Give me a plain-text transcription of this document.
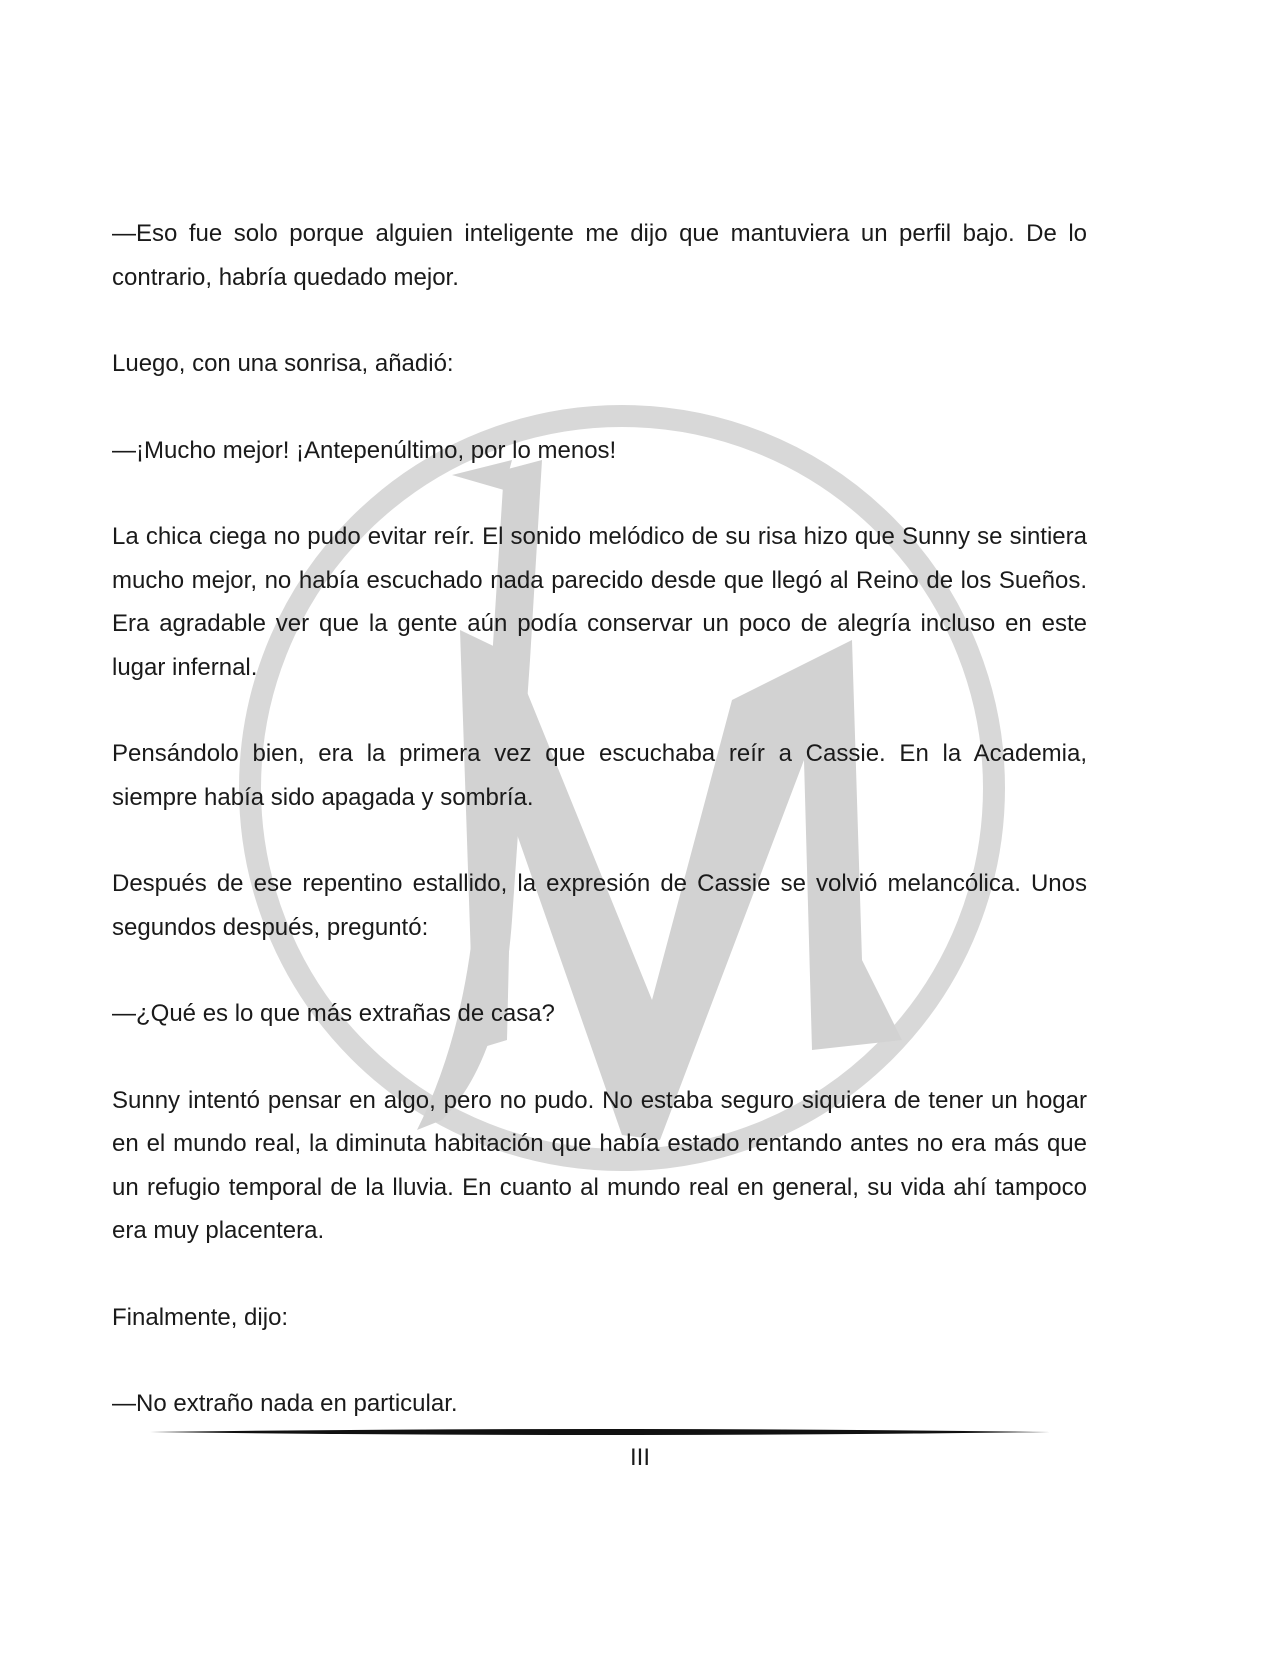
—Eso fue solo porque alguien inteligente me dijo que mantuviera un perfil bajo. De lo contrario, habría quedado mejor.

Luego, con una sonrisa, añadió:

—¡Mucho mejor! ¡Antepenúltimo, por lo menos!

La chica ciega no pudo evitar reír. El sonido melódico de su risa hizo que Sunny se sintiera mucho mejor, no había escuchado nada parecido desde que llegó al Reino de los Sueños. Era agradable ver que la gente aún podía conservar un poco de alegría incluso en este lugar infernal.

Pensándolo bien, era la primera vez que escuchaba reír a Cassie. En la Academia, siempre había sido apagada y sombría.

Después de ese repentino estallido, la expresión de Cassie se volvió melancólica. Unos segundos después, preguntó:

—¿Qué es lo que más extrañas de casa?

Sunny intentó pensar en algo, pero no pudo. No estaba seguro siquiera de tener un hogar en el mundo real, la diminuta habitación que había estado rentando antes no era más que un refugio temporal de la lluvia. En cuanto al mundo real en general, su vida ahí tampoco era muy placentera.

Finalmente, dijo:

—No extraño nada en particular.

III
